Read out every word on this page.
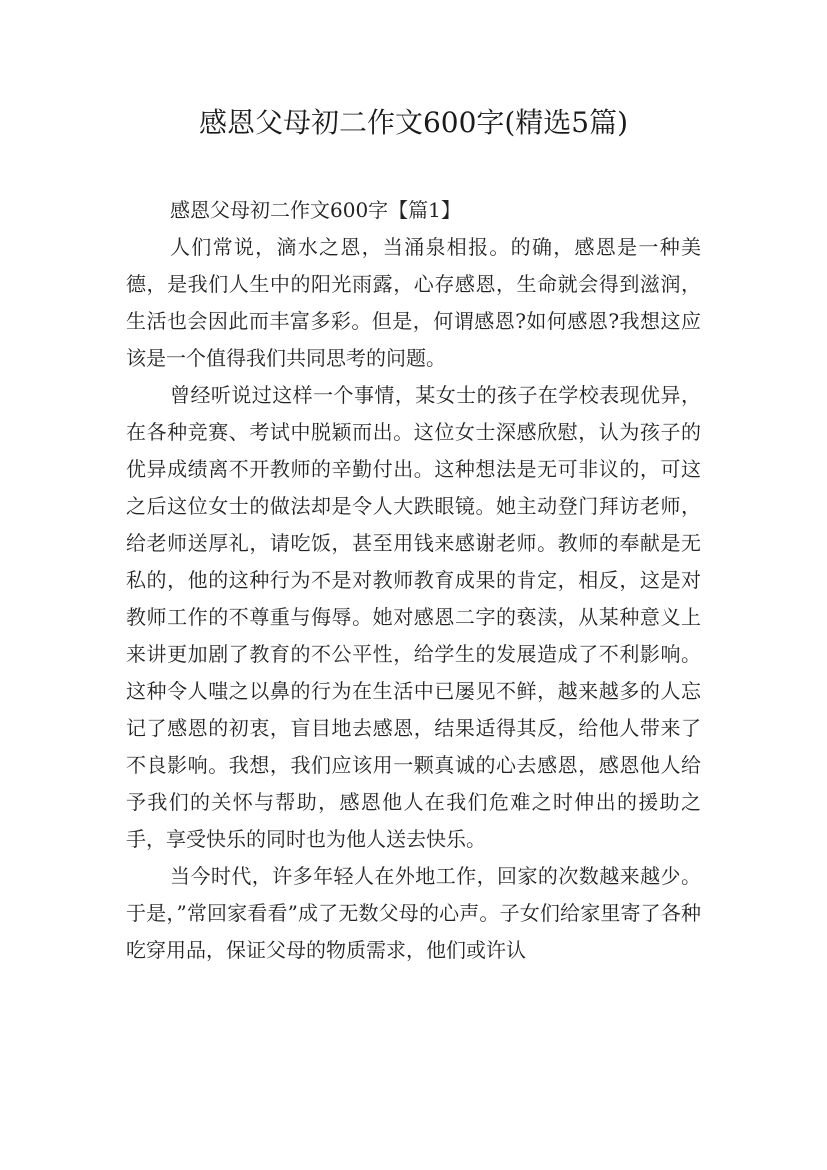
感恩父母初二作文600字(精选5篇)

感恩父母初二作文600字【篇1】

人们常说，滴水之恩，当涌泉相报。的确，感恩是一种美德，是我们人生中的阳光雨露，心存感恩，生命就会得到滋润，生活也会因此而丰富多彩。但是，何谓感恩?如何感恩?我想这应该是一个值得我们共同思考的问题。

曾经听说过这样一个事情，某女士的孩子在学校表现优异，在各种竞赛、考试中脱颖而出。这位女士深感欣慰，认为孩子的优异成绩离不开教师的辛勤付出。这种想法是无可非议的，可这之后这位女士的做法却是令人大跌眼镜。她主动登门拜访老师，给老师送厚礼，请吃饭，甚至用钱来感谢老师。教师的奉献是无私的，他的这种行为不是对教师教育成果的肯定，相反，这是对教师工作的不尊重与侮辱。她对感恩二字的亵渎，从某种意义上来讲更加剧了教育的不公平性，给学生的发展造成了不利影响。这种令人嗤之以鼻的行为在生活中已屡见不鲜，越来越多的人忘记了感恩的初衷，盲目地去感恩，结果适得其反，给他人带来了不良影响。我想，我们应该用一颗真诚的心去感恩，感恩他人给予我们的关怀与帮助，感恩他人在我们危难之时伸出的援助之手，享受快乐的同时也为他人送去快乐。

当今时代，许多年轻人在外地工作，回家的次数越来越少。于是，”常回家看看”成了无数父母的心声。子女们给家里寄了各种吃穿用品，保证父母的物质需求，他们或许认
